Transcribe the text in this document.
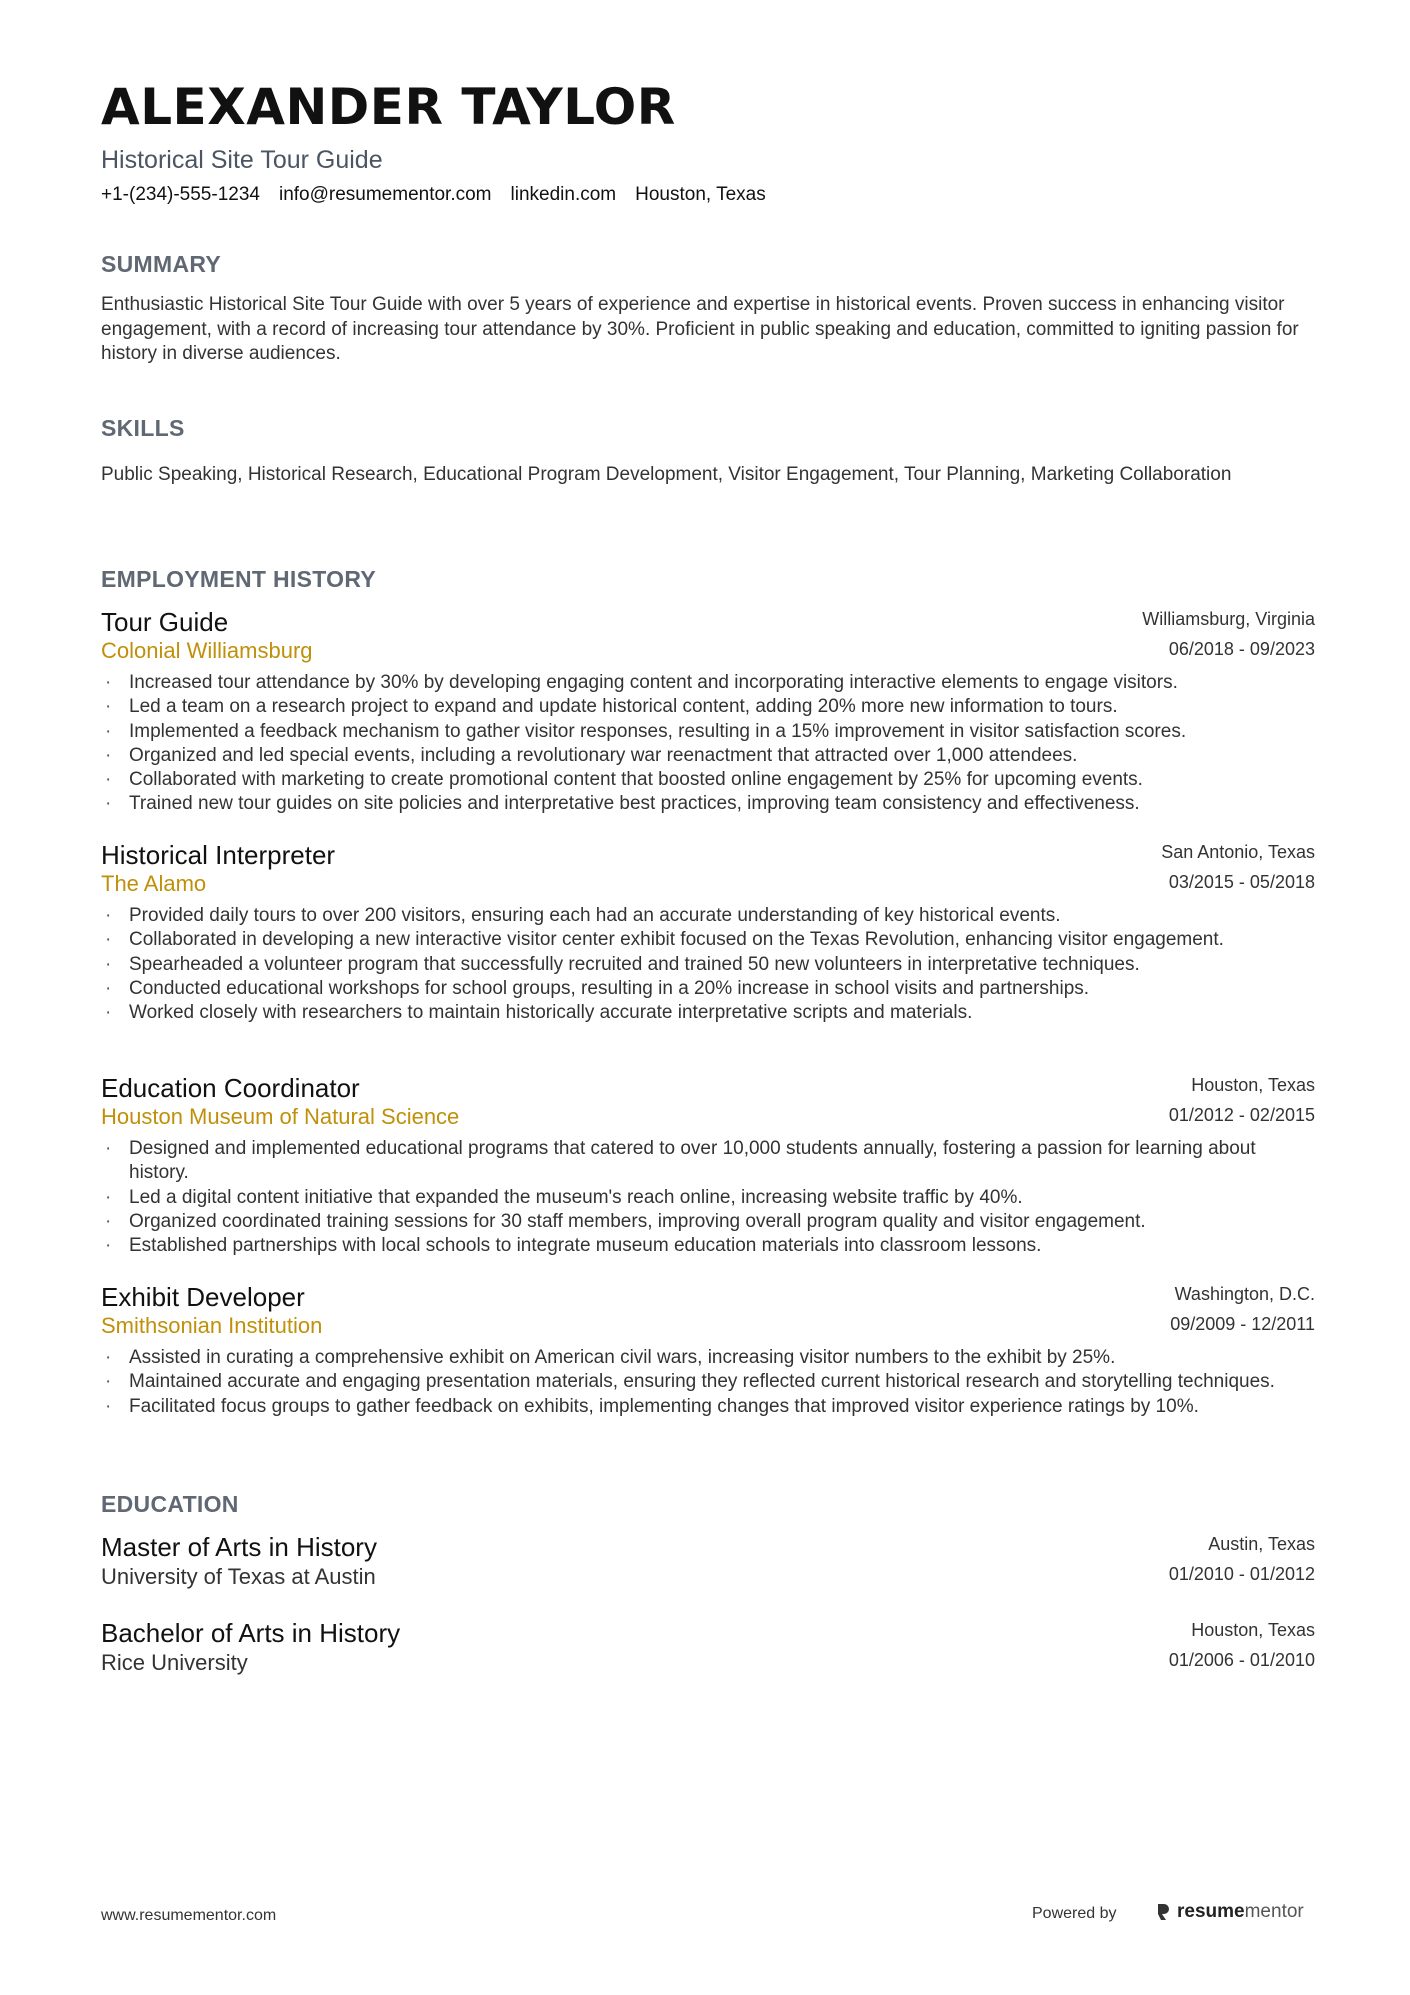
ALEXANDER TAYLOR
Historical Site Tour Guide
+1-(234)-555-1234 info@resumementor.com linkedin.com Houston, Texas
SUMMARY
Enthusiastic Historical Site Tour Guide with over 5 years of experience and expertise in historical events. Proven success in enhancing visitor engagement, with a record of increasing tour attendance by 30%. Proficient in public speaking and education, committed to igniting passion for history in diverse audiences.
SKILLS
Public Speaking, Historical Research, Educational Program Development, Visitor Engagement, Tour Planning, Marketing Collaboration
EMPLOYMENT HISTORY
Tour Guide
Colonial Williamsburg
Williamsburg, Virginia
06/2018 - 09/2023
· Increased tour attendance by 30% by developing engaging content and incorporating interactive elements to engage visitors.
· Led a team on a research project to expand and update historical content, adding 20% more new information to tours.
· Implemented a feedback mechanism to gather visitor responses, resulting in a 15% improvement in visitor satisfaction scores.
· Organized and led special events, including a revolutionary war reenactment that attracted over 1,000 attendees.
· Collaborated with marketing to create promotional content that boosted online engagement by 25% for upcoming events.
· Trained new tour guides on site policies and interpretative best practices, improving team consistency and effectiveness.
Historical Interpreter
The Alamo
San Antonio, Texas
03/2015 - 05/2018
· Provided daily tours to over 200 visitors, ensuring each had an accurate understanding of key historical events.
· Collaborated in developing a new interactive visitor center exhibit focused on the Texas Revolution, enhancing visitor engagement.
· Spearheaded a volunteer program that successfully recruited and trained 50 new volunteers in interpretative techniques.
· Conducted educational workshops for school groups, resulting in a 20% increase in school visits and partnerships.
· Worked closely with researchers to maintain historically accurate interpretative scripts and materials.
Education Coordinator
Houston Museum of Natural Science
Houston, Texas
01/2012 - 02/2015
· Designed and implemented educational programs that catered to over 10,000 students annually, fostering a passion for learning about history.
· Led a digital content initiative that expanded the museum's reach online, increasing website traffic by 40%.
· Organized coordinated training sessions for 30 staff members, improving overall program quality and visitor engagement.
· Established partnerships with local schools to integrate museum education materials into classroom lessons.
Exhibit Developer
Smithsonian Institution
Washington, D.C.
09/2009 - 12/2011
· Assisted in curating a comprehensive exhibit on American civil wars, increasing visitor numbers to the exhibit by 25%.
· Maintained accurate and engaging presentation materials, ensuring they reflected current historical research and storytelling techniques.
· Facilitated focus groups to gather feedback on exhibits, implementing changes that improved visitor experience ratings by 10%.
EDUCATION
Master of Arts in History
University of Texas at Austin
Austin, Texas
01/2010 - 01/2012
Bachelor of Arts in History
Rice University
Houston, Texas
01/2006 - 01/2010
www.resumementor.com	Powered by	resumementor
